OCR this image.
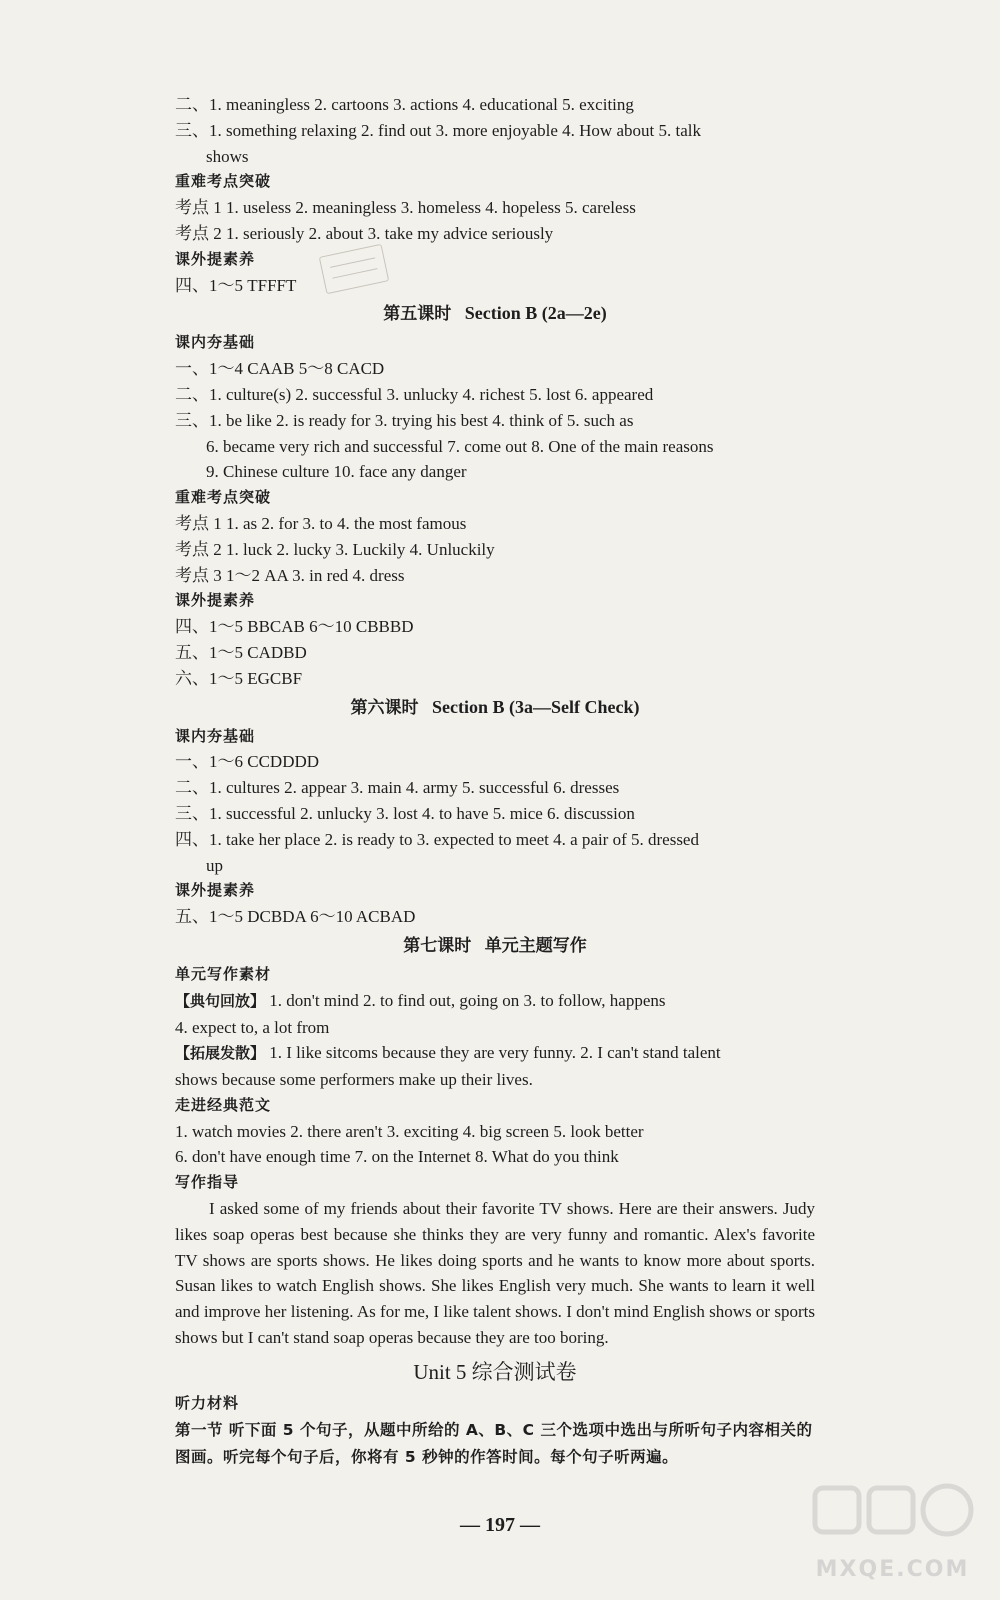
二、1. meaningless 2. cartoons 3. actions 4. educational 5. exciting
三、1. something relaxing 2. find out 3. more enjoyable 4. How about 5. talk
shows
重难考点突破
考点 1 1. useless 2. meaningless 3. homeless 4. hopeless 5. careless
考点 2 1. seriously 2. about 3. take my advice seriously
课外提素养
四、1～5 TFFFT
第五课时 Section B (2a—2e)
课内夯基础
一、1～4 CAAB 5～8 CACD
二、1. culture(s) 2. successful 3. unlucky 4. richest 5. lost 6. appeared
三、1. be like 2. is ready for 3. trying his best 4. think of 5. such as
6. became very rich and successful 7. come out 8. One of the main reasons
9. Chinese culture 10. face any danger
重难考点突破
考点 1 1. as 2. for 3. to 4. the most famous
考点 2 1. luck 2. lucky 3. Luckily 4. Unluckily
考点 3 1～2 AA 3. in red 4. dress
课外提素养
四、1～5 BBCAB 6～10 CBBBD
五、1～5 CADBD
六、1～5 EGCBF
第六课时 Section B (3a—Self Check)
课内夯基础
一、1～6 CCDDDD
二、1. cultures 2. appear 3. main 4. army 5. successful 6. dresses
三、1. successful 2. unlucky 3. lost 4. to have 5. mice 6. discussion
四、1. take her place 2. is ready to 3. expected to meet 4. a pair of 5. dressed
up
课外提素养
五、1～5 DCBDA 6～10 ACBAD
第七课时 单元主题写作
单元写作素材
【典句回放】 1. don't mind 2. to find out, going on 3. to follow, happens
4. expect to, a lot from
【拓展发散】 1. I like sitcoms because they are very funny. 2. I can't stand talent
shows because some performers make up their lives.
走进经典范文
1. watch movies 2. there aren't 3. exciting 4. big screen 5. look better
6. don't have enough time 7. on the Internet 8. What do you think
写作指导
I asked some of my friends about their favorite TV shows. Here are their answers. Judy likes soap operas best because she thinks they are very funny and romantic. Alex's favorite TV shows are sports shows. He likes doing sports and he wants to know more about sports. Susan likes to watch English shows. She likes English very much. She wants to learn it well and improve her listening. As for me, I like talent shows. I don't mind English shows or sports shows but I can't stand soap operas because they are too boring.
Unit 5 综合测试卷
听力材料
第一节 听下面 5 个句子，从题中所给的 A、B、C 三个选项中选出与所听句子内容相关的图画。听完每个句子后，你将有 5 秒钟的作答时间。每个句子听两遍。
— 197 —
MXQE.COM
